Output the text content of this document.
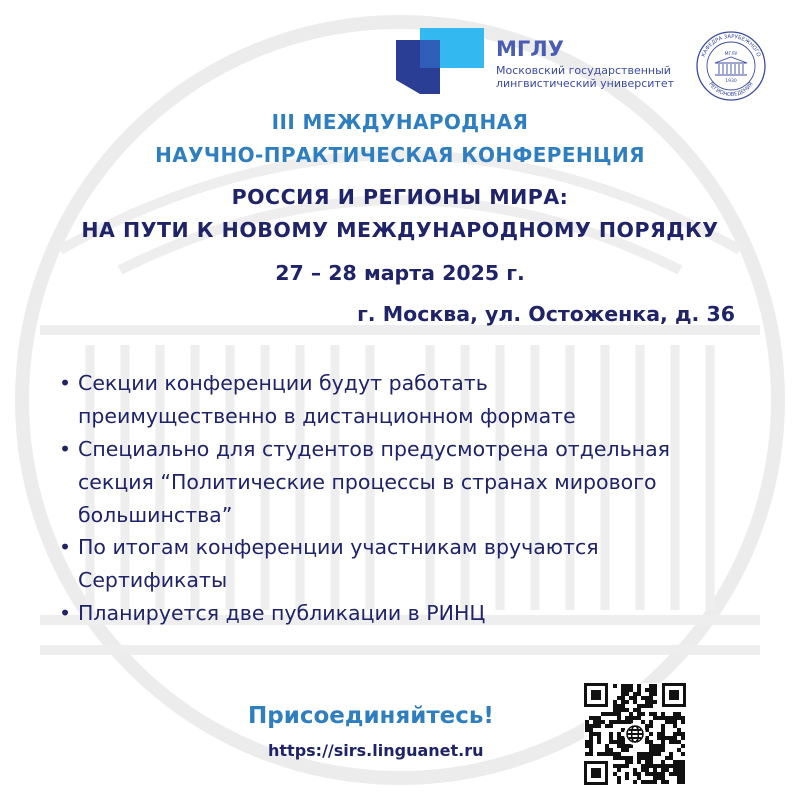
МГЛУ
Московский государственный
лингвистический университет
КАФЕДРА ЗАРУБЕЖНОГО
РЕГИОНОВЕДЕНИЯ
МГЛУ
1930
III МЕЖДУНАРОДНАЯ
НАУЧНО-ПРАКТИЧЕСКАЯ КОНФЕРЕНЦИЯ
РОССИЯ И РЕГИОНЫ МИРА:
НА ПУТИ К НОВОМУ МЕЖДУНАРОДНОМУ ПОРЯДКУ
27 – 28 марта 2025 г.
г. Москва, ул. Остоженка, д. 36
• Секции конференции будут работать
преимущественно в дистанционном формате
• Специально для студентов предусмотрена отдельная
секция “Политические процессы в странах мирового
большинства”
• По итогам конференции участникам вручаются
Сертификаты
• Планируется две публикации в РИНЦ
Присоединяйтесь!
https://sirs.linguanet.ru
